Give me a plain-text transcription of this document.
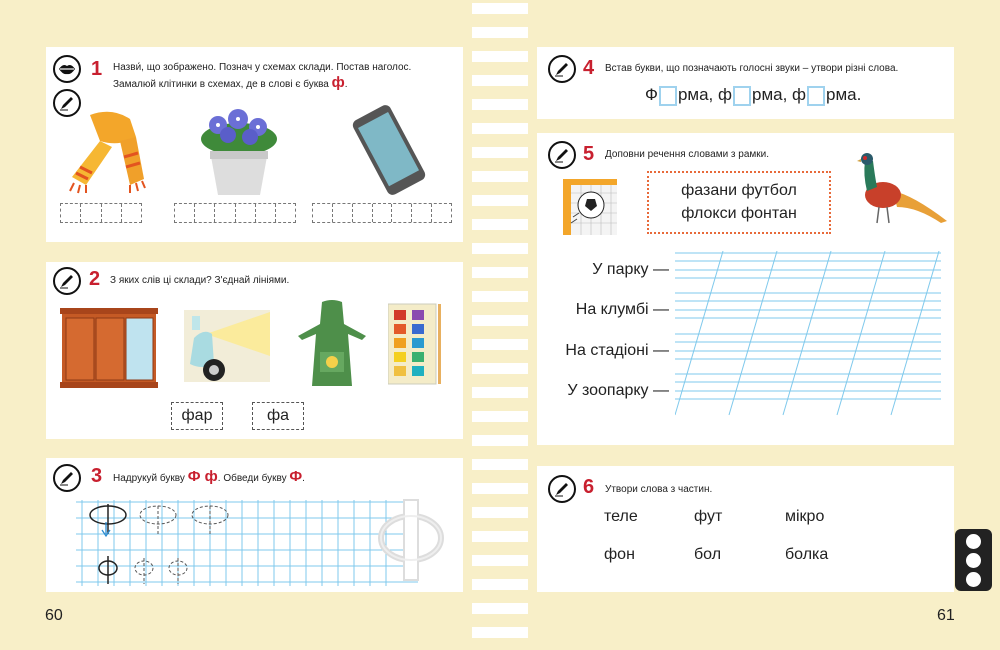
1 Назви́, що зображено. Познач у схемах склади. Постав наголос.
Замалюй клітинки в схемах, де в слові є буква ф.
2 З яких слів ці склади? З'єднай лініями.
фар	фа
3 Надрукуй букву Ф ф. Обведи букву Ф.
4 Встав букви, що позначають голосні звуки – утвори різні слова.
Ф рма, ф рма, ф рма.
5 Доповни речення словами з рамки.
фазани футбол
флокси фонтан
У парку —
На клумбі —
На стадіоні —
У зоопарку —
6 Утвори слова з частин.
теле	фут	мікро
фон	бол	болка
60	61
